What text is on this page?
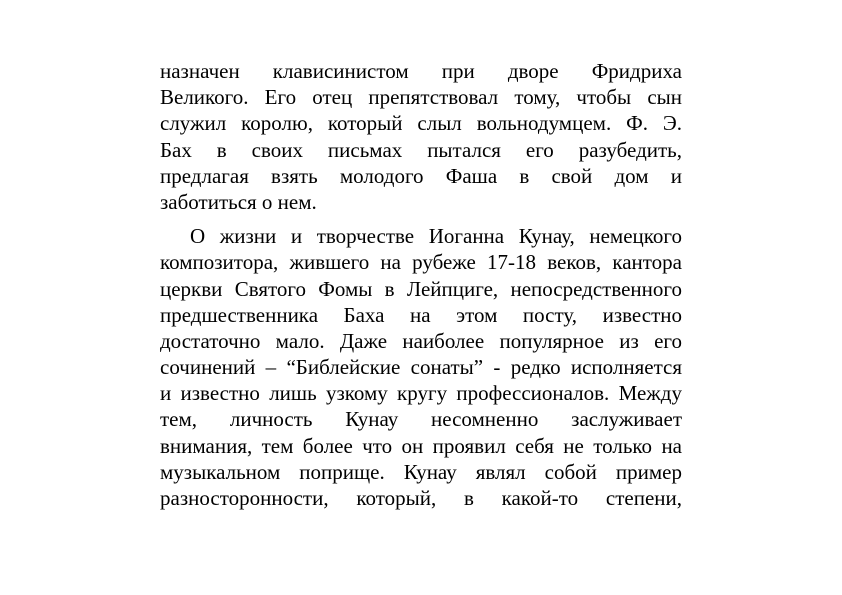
назначен клависинистом при дворе Фридриха
Великого. Его отец препятствовал тому, чтобы сын
служил королю, который слыл вольнодумцем. Ф. Э.
Бах в своих письмах пытался его разубедить,
предлагая взять молодого Фаша в свой дом и
заботиться о нем.
О жизни и творчестве Иоганна Кунау, немецкого
композитора, жившего на рубеже 17-18 веков, кантора
церкви Святого Фомы в Лейпциге, непосредственного
предшественника Баха на этом посту, известно
достаточно мало. Даже наиболее популярное из его
сочинений – “Библейские сонаты” - редко исполняется
и известно лишь узкому кругу профессионалов. Между
тем, личность Кунау несомненно заслуживает
внимания, тем более что он проявил себя не только на
музыкальном поприще. Кунау являл собой пример
разносторонности, который, в какой-то степени,
